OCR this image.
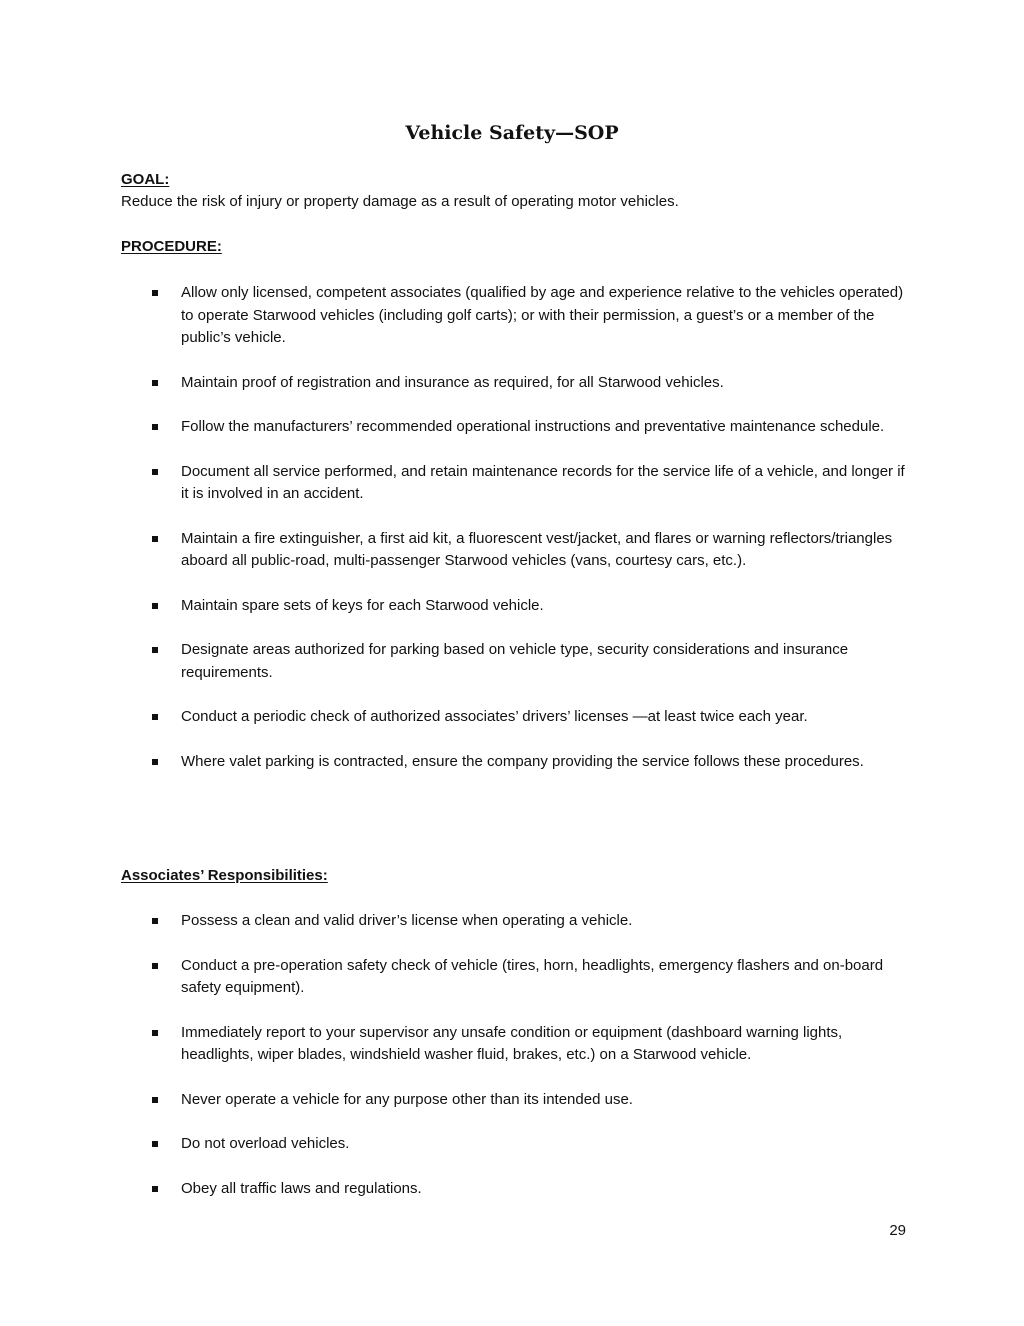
Vehicle Safety—SOP
GOAL:
Reduce the risk of injury or property damage as a result of operating motor vehicles.
PROCEDURE:
Allow only licensed, competent associates (qualified by age and experience relative to the vehicles operated) to operate Starwood vehicles (including golf carts); or with their permission, a guest’s or a member of the public’s vehicle.
Maintain proof of registration and insurance as required, for all Starwood vehicles.
Follow the manufacturers’ recommended operational instructions and preventative maintenance schedule.
Document all service performed, and retain maintenance records for the service life of a vehicle, and longer if it is involved in an accident.
Maintain a fire extinguisher, a first aid kit, a fluorescent vest/jacket, and flares or warning reflectors/triangles aboard all public-road, multi-passenger Starwood vehicles (vans, courtesy cars, etc.).
Maintain spare sets of keys for each Starwood vehicle.
Designate areas authorized for parking based on vehicle type, security considerations and insurance requirements.
Conduct a periodic check of authorized associates’ drivers’ licenses —at least twice each year.
Where valet parking is contracted, ensure the company providing the service follows these procedures.
Associates’ Responsibilities:
Possess a clean and valid driver’s license when operating a vehicle.
Conduct a pre-operation safety check of vehicle (tires, horn, headlights, emergency flashers and on-board safety equipment).
Immediately report to your supervisor any unsafe condition or equipment (dashboard warning lights, headlights, wiper blades, windshield washer fluid, brakes, etc.) on a Starwood vehicle.
Never operate a vehicle for any purpose other than its intended use.
Do not overload vehicles.
Obey all traffic laws and regulations.
29
